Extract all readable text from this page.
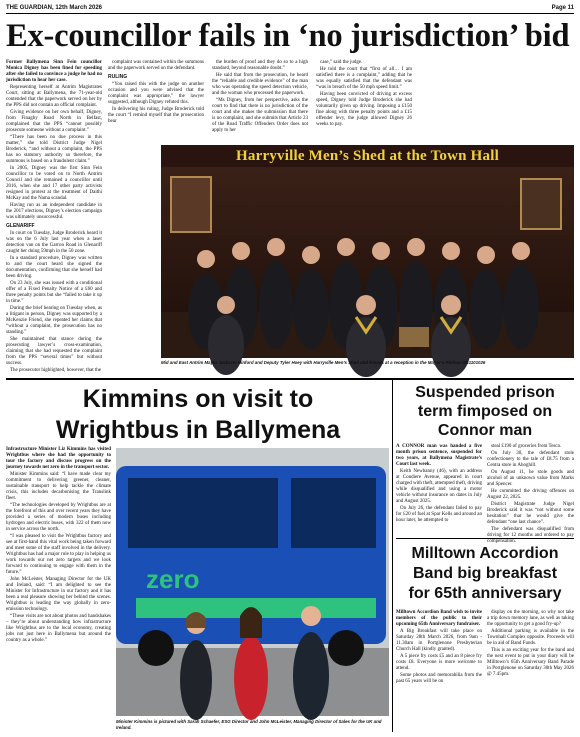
THE GUARDIAN, 12th March 2026	Page 11
Ex-councillor fails in ‘no jurisdiction’ bid

Former Ballymena Sinn Fein councillor Monica Digney has been fined for speeding after she failed to convince a judge he had no jurisdiction to hear her case.

Representing herself at Antrim Magistrates Court, sitting at Ballymena, the 71-year-old contended that the paperwork served on her by the PPS did not contain an official complaint.

Giving evidence on her own behalf, Digney, from Finaghy Road North in Belfast, complained that the PPS “cannot possibly prosecute someone without a complaint.”

“There has been no due process in this matter,” she told District Judge Nigel Broderick, “and without a complaint, the PPS has no statutory authority so therefore, the summons is based on a fraudulent claim.”

In 2005, Digney was the first Sinn Fein councillor to be voted on to North Antrim Council and she remained a councillor until 2016, when she and 17 other party activists resigned in protest at the treatment of Daithi McKay and the Nama scandal.

Having run as an independent candidate in the 2017 elections, Digney’s election campaign was ultimately unsuccessful.

GLENARIFF

In court on Tuesday, Judge Broderick heard it was on the 6 July last year when a laser detection van on the Garron Road in Glenariff caught her doing 59mph in the 50 zone.

In a standard procedure, Digney was written to and the court heard she signed the documentation, confirming that she herself had been driving.

On 23 July, she was issued with a conditional offer of a Fixed Penalty Notice of a £60 and three penalty points but she “failed to take it up in time.”

During the brief hearing on Tuesday when, as a litigant in person, Digney was supported by a McKenzie Friend, she repeated her claims that “without a complaint, the prosecution has no standing.”

She maintained that stance during the prosecuting lawyer’s cross-examination, claiming that she had requested the complaint from the PPS “several times” but without success.

The prosecutor highlighted, however, that the

complaint was contained within the summons and the paperwork served on the defendant.

RULING

“You raised this with the judge on another occasion and you were advised that the complaint was appropriate,” the lawyer suggested, although Digney refuted this.

In delivering his ruling, Judge Broderick told the court “I remind myself that the prosecution bear

the burden of proof and they do so to a high standard, beyond reasonable doubt.”

He said that from the prosecution, he heard the “reliable and credible evidence” of the man who was operating the speed detection vehicle, and the woman who processed the paperwork.

“Ms Digney, from her perspective, asks the court to find that there is no jurisdiction of the court and she makes the submission that there is no complaint, and she submits that Article 23 of the Road Traffic Offenders Order does not apply to her

case,” said the judge.

He told the court that “first of all… I am satisfied there is a complaint,” adding that he was equally satisfied that the defendant was “was in breach of the 50 mph speed limit.”

Having been convicted of driving at excess speed, Digney told Judge Broderick she had voluntarily given up driving. Imposing a £150 fine along with three penalty points and a £15 offender levy, the judge allowed Digney 26 weeks to pay.

Harryville Men’s Shed at the Town Hall
Mid and East Antrim Mayor Jackson Minford and Deputy Tyler Hoey with Harryville Men’s Shed and friends at a reception in the Mayor’s Parlour.GB1101026
Kimmins on visit to
Wrightbus in Ballymena

Infrastructure Minister Liz Kimmins has visited Wrightbus where she had the opportunity to tour the factory and discuss progress on the journey towards net zero in the transport sector.

Minister Kimmins said: “I have made clear my commitment to delivering greener, cleaner, sustainable transport to help tackle the climate crisis, this includes decarbonising the Translink fleet.

“The technologies developed by Wrightbus are at the forefront of this and over recent years they have provided a series of modern buses including hydrogen and electric buses, with 322 of them now in service across the north.

“I was pleased to visit the Wrightbus factory and see at first-hand this vital work being taken forward and meet some of the staff involved in the delivery. Wrightbus has had a major role to play in helping us work towards our net zero targets and we look forward to continuing to engage with them in the future.”

John McLeister, Managing Director for the UK and Ireland, said: “I am delighted to see the Minister for Infrastructure in our factory and it has been a real pleasure showing her behind the scenes. Wrightbus is leading the way globally in zero-emission technology.

“These visits are not about photos and handshakes – they’re about understanding how infrastructure like Wrightbus are to the local economy, creating jobs not just here in Ballymena but around the country as a whole.”

zero
Minister Kimmins is pictured with Sarah Schaefer, ESG Director and John McLeister, Managing Director of Sales for the UK and Ireland.
Suspended prison
term fimposed on
Connor man

A CONNOR man was handed a five month prison sentence, suspended for two years, at Ballymena Magistrate’s Court last week.

Keith Newbanny (46), with an address at Condiere Avenue, appeared in court charged with theft, attempted theft, driving while disqualified and using a motor vehicle without insurance on dates in July and August 2025.

On July 26, the defendant failed to pay for £20 of fuel at Spar Kells and around an hour later, he attempted to

steal £190 of groceries from Tesco.

On July 30, the defendant stole confectionery to the tale of £8.75 from a Centra store in Ahoghill.

On August 11, he stole goods and alcohol of an unknown value from Marks and Spencer.

He committed the driving offences on August 22, 2025.

District Magistrate Judge Nigel Broderick said it was “not without some hesitation” that he would give the defendant “one last chance”.

The defendant was disqualified from driving for 12 months and ordered to pay compensation.

Milltown Accordion
Band big breakfast
for 65th anniversary

Milltown Accordion Band wish to invite members of the public to their upcoming 65th Anniversary fundraiser.

A Big Breakfast will take place on Saturday 28th March 2026, from 9am - 11.30am in Portglenone Presbyterian Church Hall (kindly granted).

A 5 piece fry costs £5 and an 8 piece fry costs £8. Everyone is more welcome to attend.

Some photos and memorabilia from the past 65 years will be on

display on the morning, so why not take a trip down memory lane, as well as taking the opportunity to get a good fry-up?

Additional parking is available in the Townhall Complex opposite. Proceeds will be in aid of Band Funds.

This is an exciting year for the band and the next event to put in your diary will be Milltown’s 65th Anniversary Band Parade in Portglenone on Saturday 30th May 2026 @ 7.45pm.
